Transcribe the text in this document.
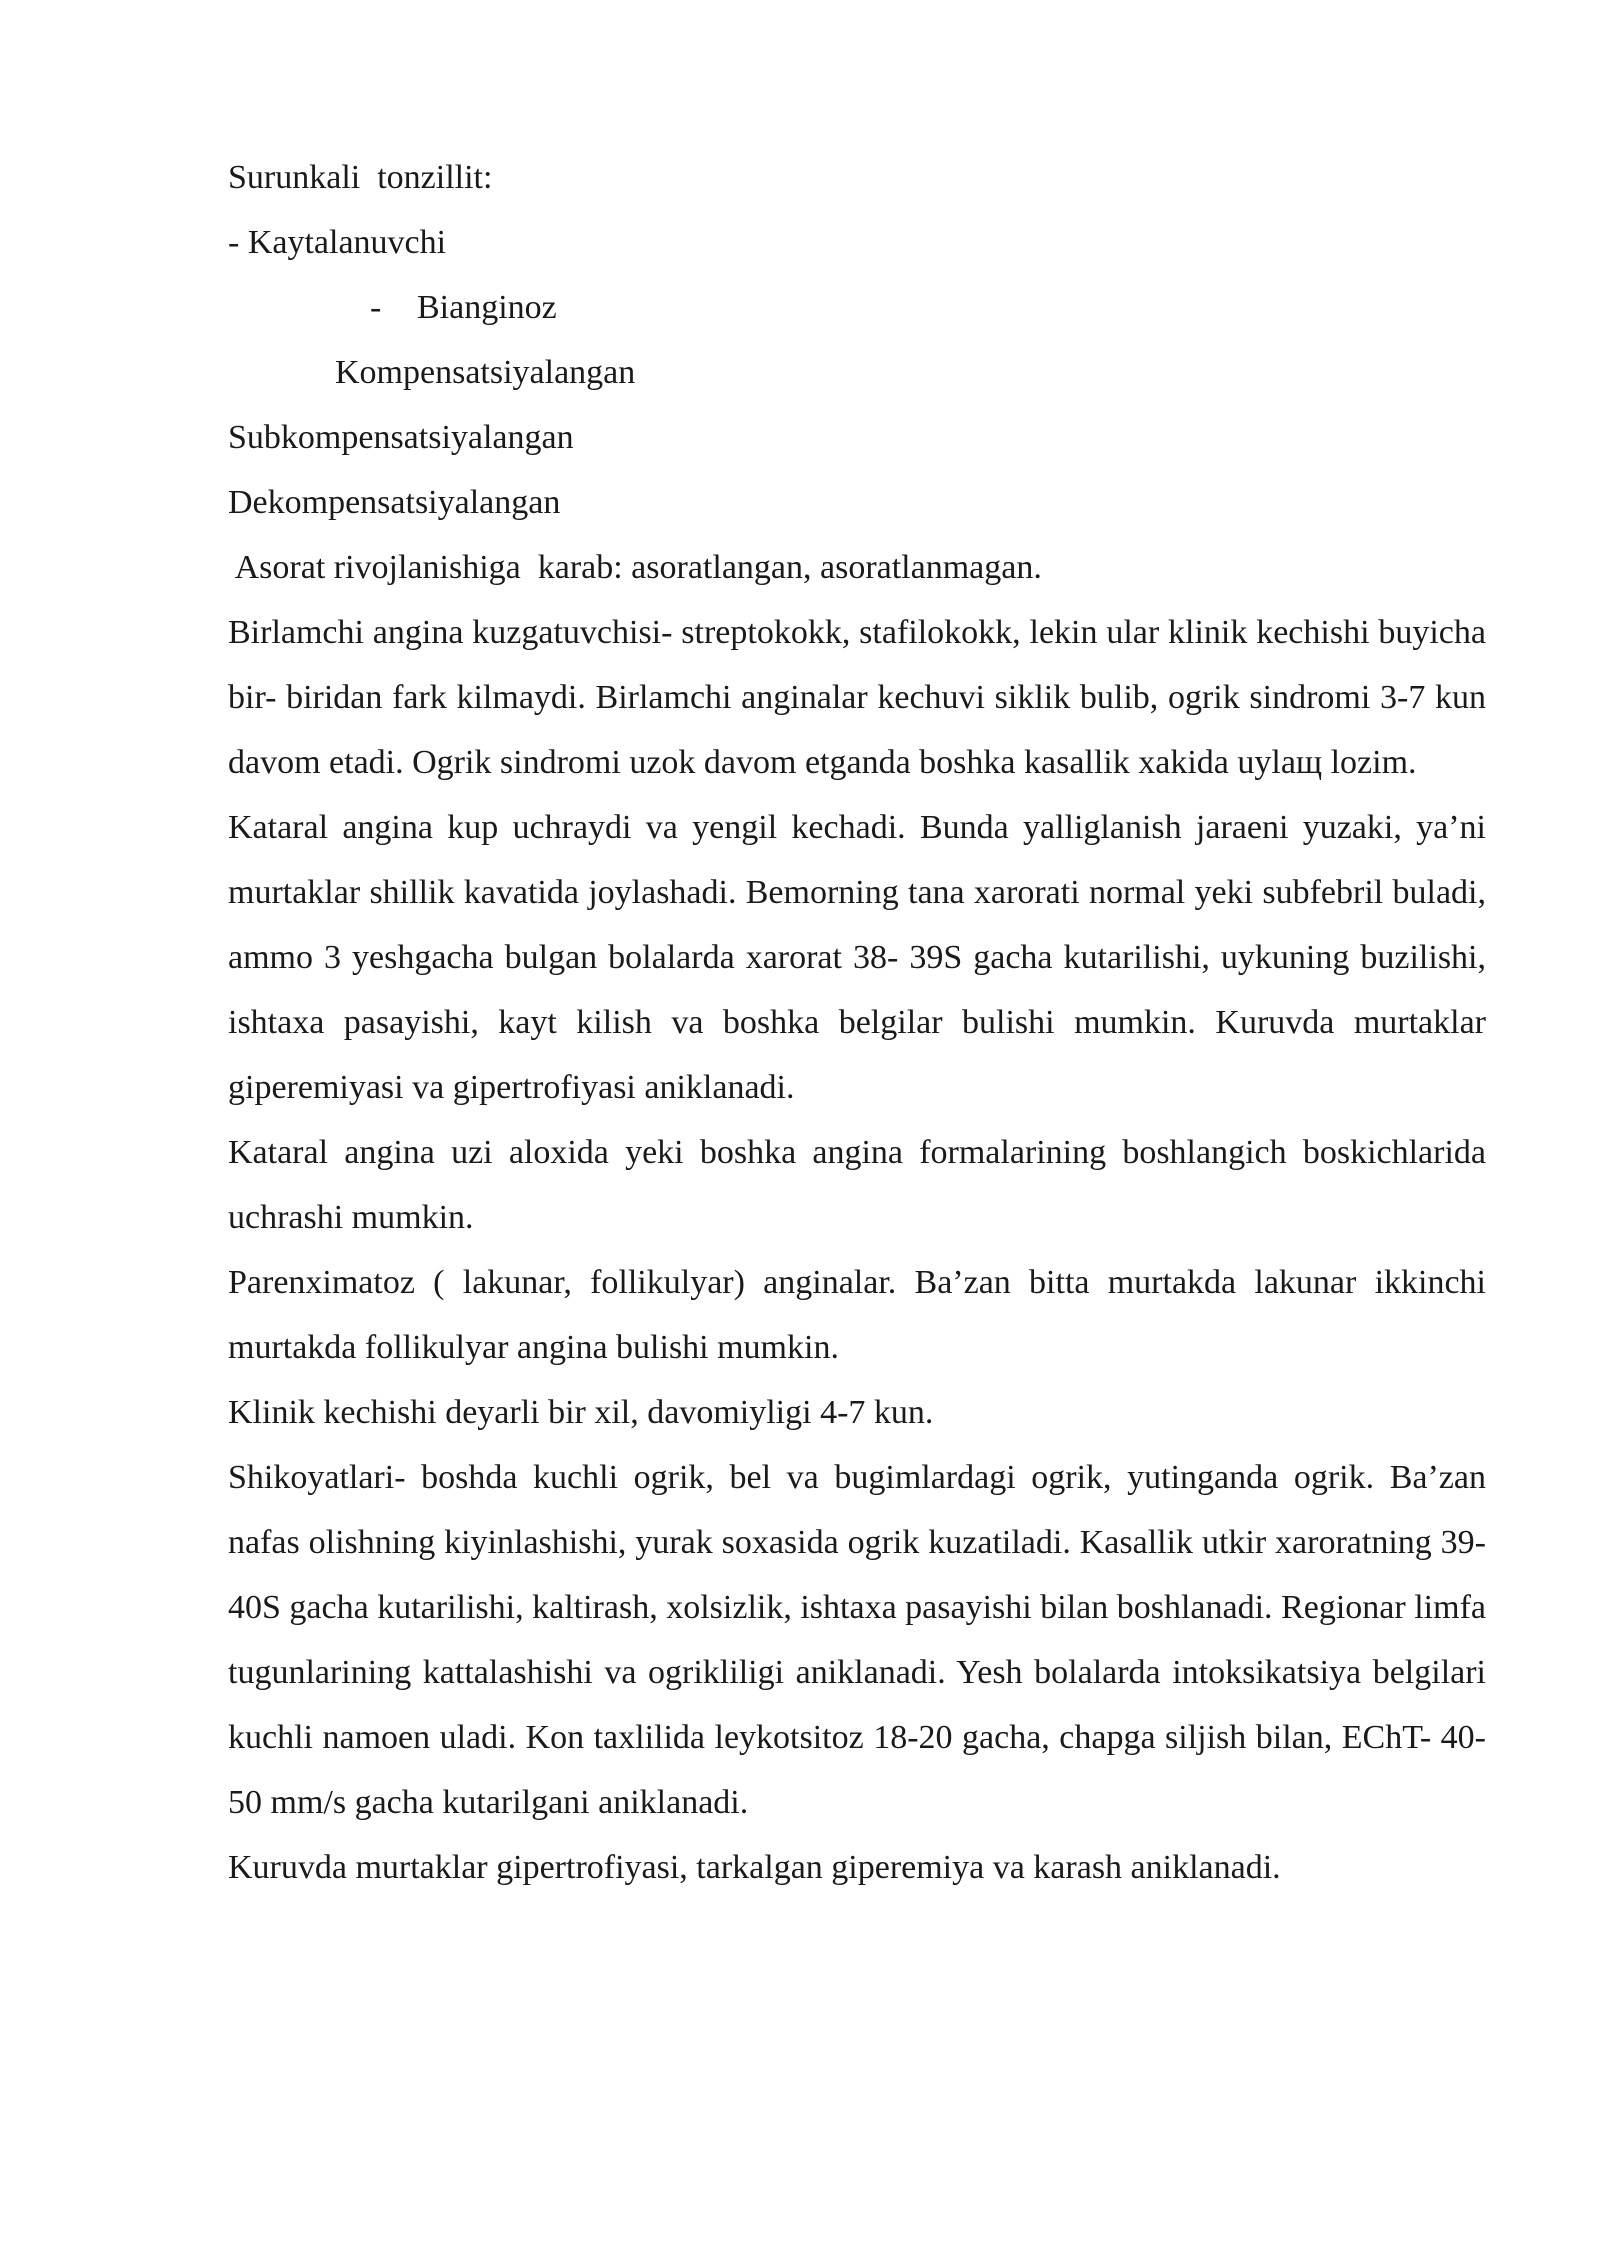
Surunkali  tonzillit:
- Kaytalanuvchi
- Bianginoz
Kompensatsiyalangan
Subkompensatsiyalangan
Dekompensatsiyalangan
Asorat rivojlanishiga  karab: asoratlangan, asoratlanmagan.
Birlamchi angina kuzgatuvchisi- streptokokk, stafilokokk, lekin ular klinik kechishi buyicha bir- biridan fark kilmaydi. Birlamchi anginalar kechuvi siklik bulib, ogrik sindromi 3-7 kun davom etadi. Ogrik sindromi uzok davom etganda boshka kasallik xakida uylaщ lozim.
Kataral angina kup uchraydi va yengil kechadi. Bunda yalliglanish jaraeni yuzaki, ya’ni murtaklar shillik kavatida joylashadi. Bemorning tana xarorati normal yeki subfebril buladi, ammo 3 yeshgacha bulgan bolalarda xarorat 38- 39S gacha kutarilishi, uykuning buzilishi, ishtaxa pasayishi, kayt kilish va boshka belgilar bulishi mumkin. Kuruvda murtaklar giperemiyasi va gipertrofiyasi aniklanadi.
Kataral angina uzi aloxida yeki boshka angina formalarining boshlangich boskichlarida uchrashi mumkin.
Parenximatoz ( lakunar, follikulyar) anginalar. Ba’zan bitta murtakda lakunar ikkinchi murtakda follikulyar angina bulishi mumkin.
Klinik kechishi deyarli bir xil, davomiyligi 4-7 kun.
Shikoyatlari- boshda kuchli ogrik, bel va bugimlardagi ogrik, yutinganda ogrik. Ba’zan nafas olishning kiyinlashishi, yurak soxasida ogrik kuzatiladi. Kasallik utkir xaroratning 39- 40S gacha kutarilishi, kaltirash, xolsizlik, ishtaxa pasayishi bilan boshlanadi. Regionar limfa tugunlarining kattalashishi va ogrikliligi aniklanadi. Yesh bolalarda intoksikatsiya belgilari kuchli namoen uladi. Kon taxlilida leykotsitoz 18-20 gacha, chapga siljish bilan, EChT- 40-50 mm/s gacha kutarilgani aniklanadi.
Kuruvda murtaklar gipertrofiyasi, tarkalgan giperemiya va karash aniklanadi.
